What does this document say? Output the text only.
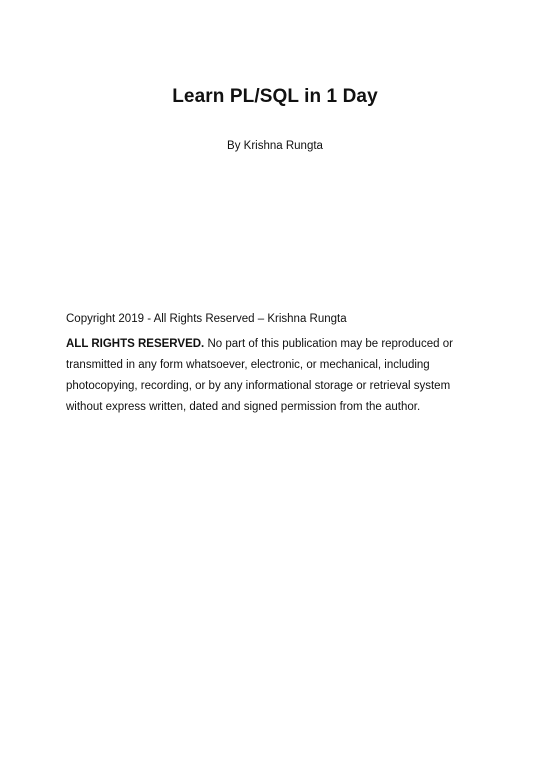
Learn PL/SQL in 1 Day

By Krishna Rungta

Copyright 2019 - All Rights Reserved – Krishna Rungta

ALL RIGHTS RESERVED. No part of this publication may be reproduced or transmitted in any form whatsoever, electronic, or mechanical, including photocopying, recording, or by any informational storage or retrieval system without express written, dated and signed permission from the author.
